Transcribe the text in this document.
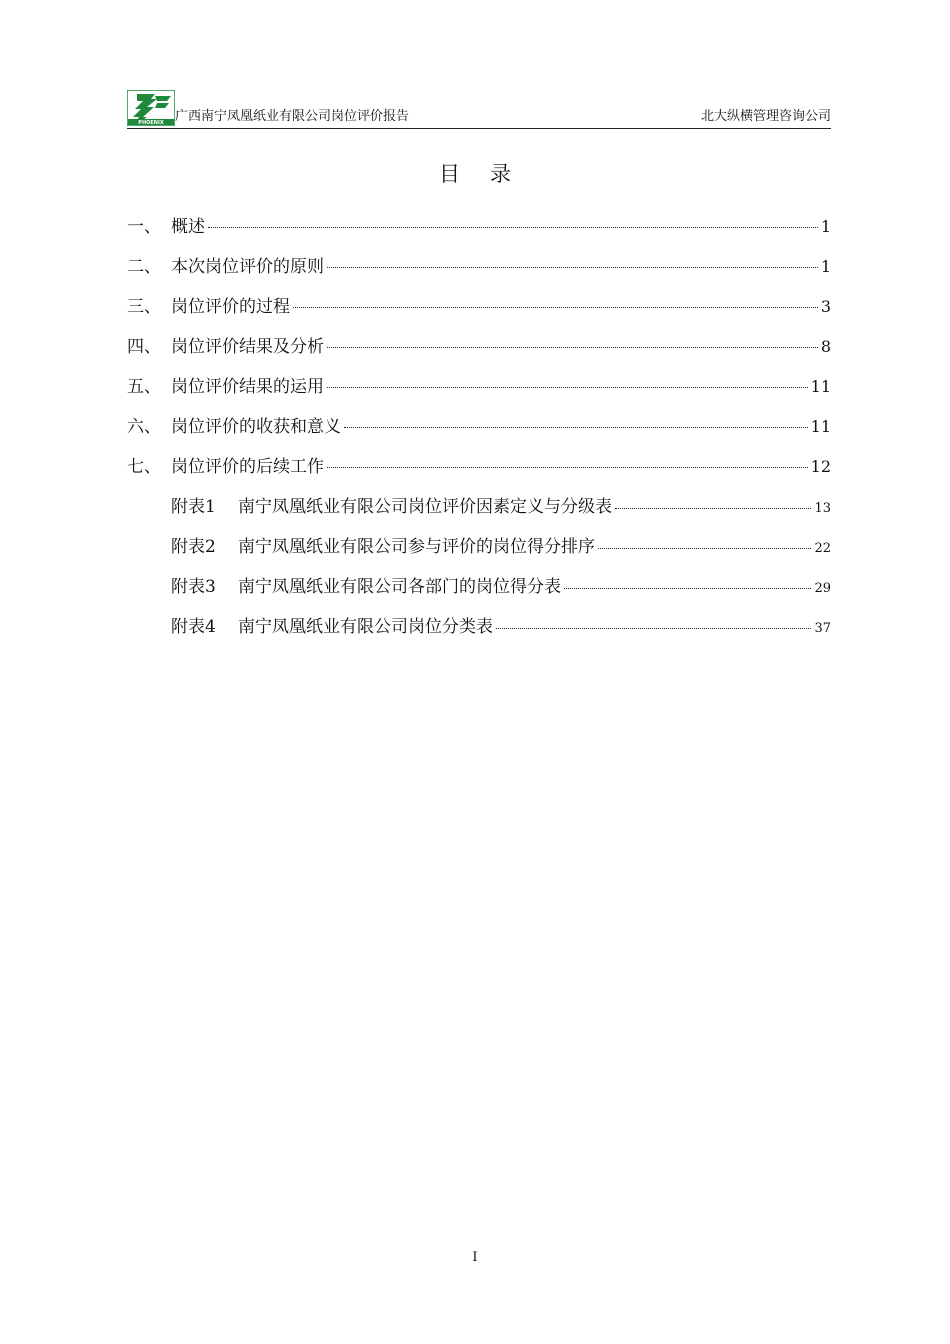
PHOENIX 广西南宁凤凰纸业有限公司岗位评价报告	北大纵横管理咨询公司
目录
一、 概述	1
二、 本次岗位评价的原则	1
三、 岗位评价的过程	3
四、 岗位评价结果及分析	8
五、 岗位评价结果的运用	11
六、 岗位评价的收获和意义	11
七、 岗位评价的后续工作	12
附表1	南宁凤凰纸业有限公司岗位评价因素定义与分级表	13
附表2	南宁凤凰纸业有限公司参与评价的岗位得分排序	22
附表3	南宁凤凰纸业有限公司各部门的岗位得分表	29
附表4	南宁凤凰纸业有限公司岗位分类表	37
I
